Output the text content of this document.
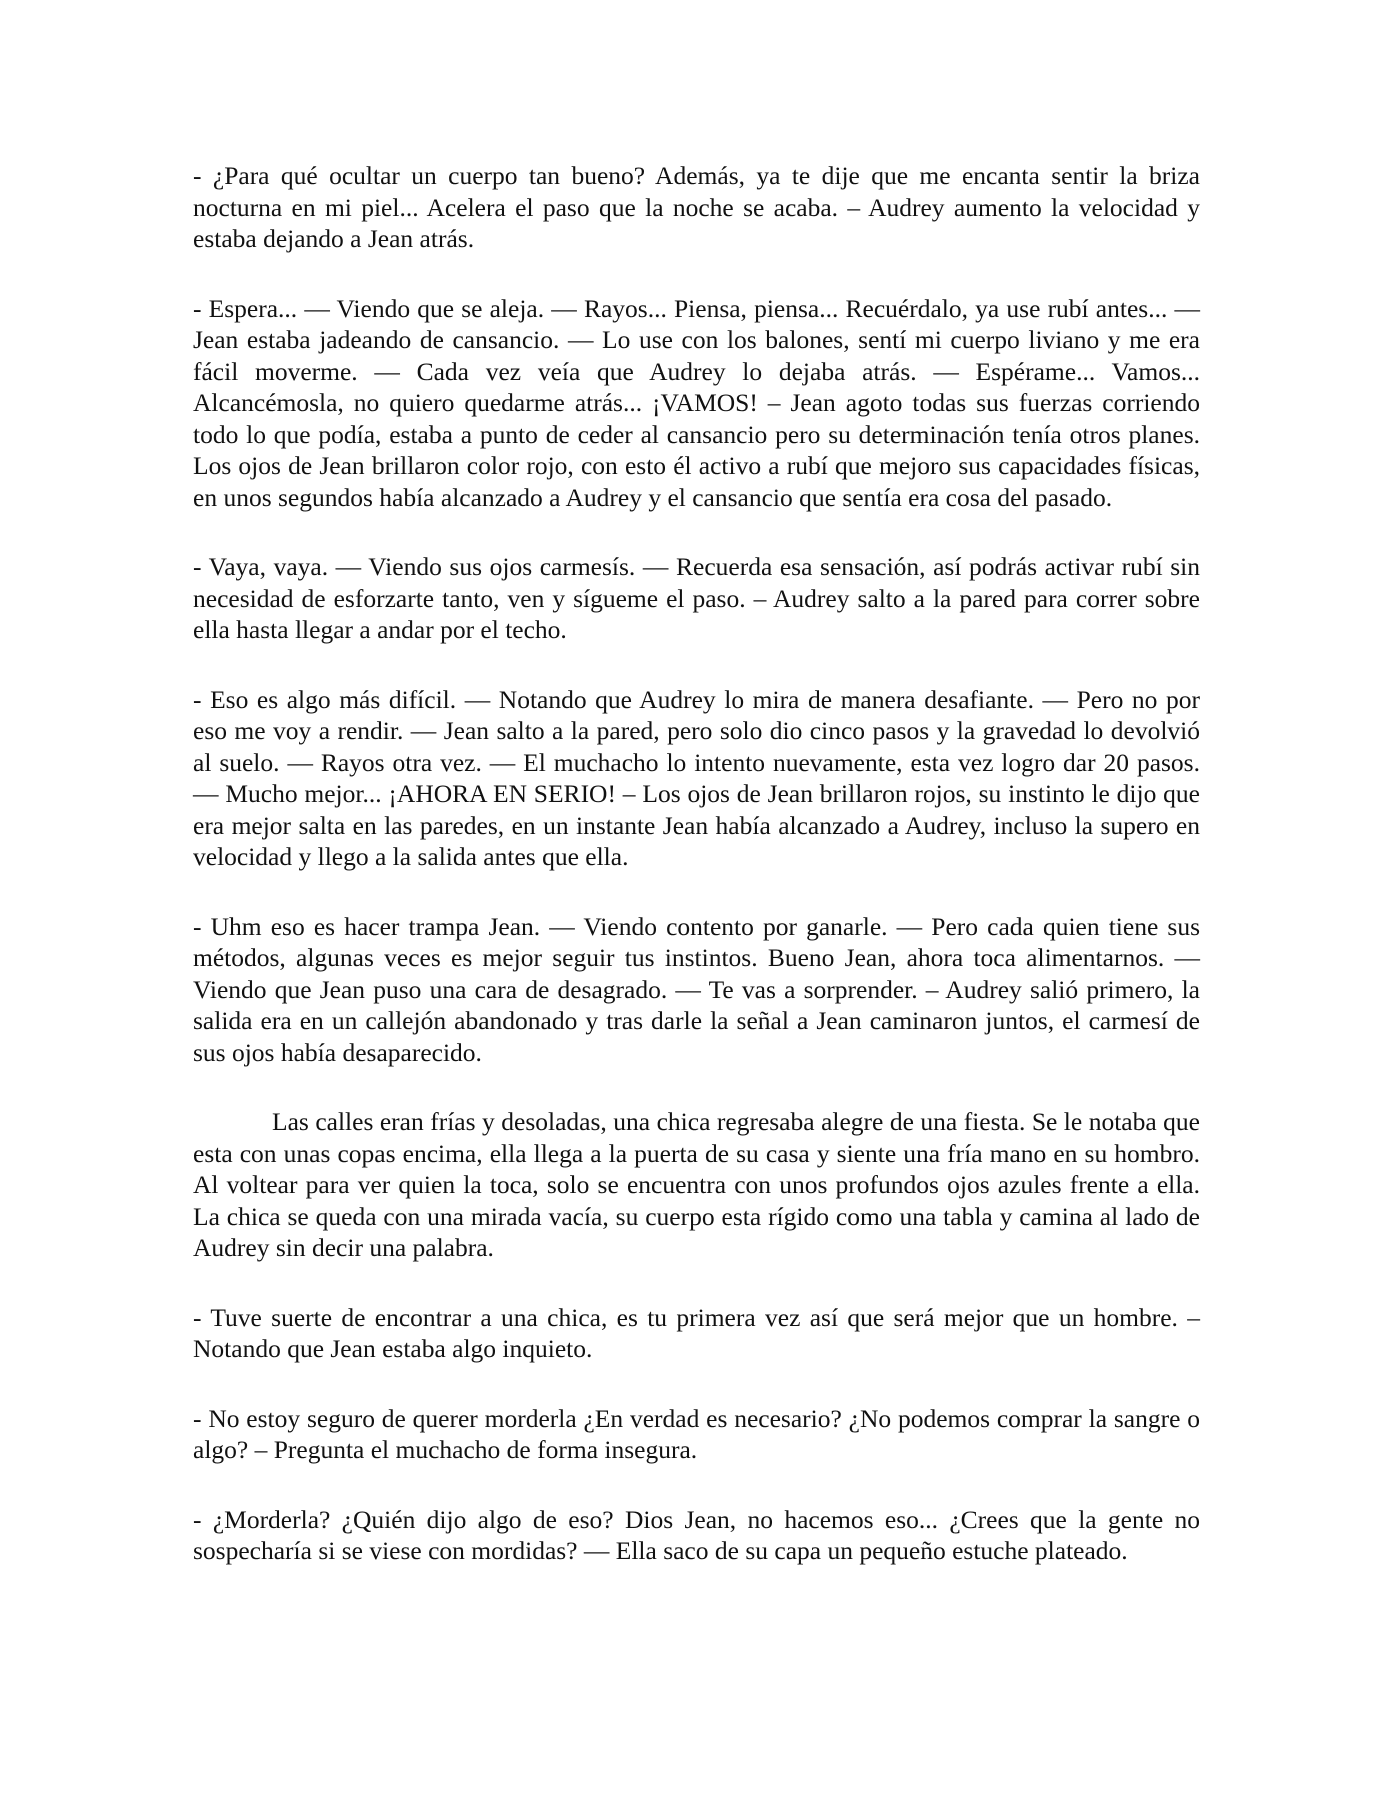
- ¿Para qué ocultar un cuerpo tan bueno? Además, ya te dije que me encanta sentir la briza nocturna en mi piel... Acelera el paso que la noche se acaba. – Audrey aumento la velocidad y estaba dejando a Jean atrás.

- Espera... — Viendo que se aleja. — Rayos... Piensa, piensa... Recuérdalo, ya use rubí antes... — Jean estaba jadeando de cansancio. — Lo use con los balones, sentí mi cuerpo liviano y me era fácil moverme. — Cada vez veía que Audrey lo dejaba atrás. — Espérame... Vamos... Alcancémosla, no quiero quedarme atrás... ¡VAMOS! – Jean agoto todas sus fuerzas corriendo todo lo que podía, estaba a punto de ceder al cansancio pero su determinación tenía otros planes. Los ojos de Jean brillaron color rojo, con esto él activo a rubí que mejoro sus capacidades físicas, en unos segundos había alcanzado a Audrey y el cansancio que sentía era cosa del pasado.

- Vaya, vaya. — Viendo sus ojos carmesís. — Recuerda esa sensación, así podrás activar rubí sin necesidad de esforzarte tanto, ven y sígueme el paso. – Audrey salto a la pared para correr sobre ella hasta llegar a andar por el techo.

- Eso es algo más difícil. — Notando que Audrey lo mira de manera desafiante. — Pero no por eso me voy a rendir. — Jean salto a la pared, pero solo dio cinco pasos y la gravedad lo devolvió al suelo. — Rayos otra vez. — El muchacho lo intento nuevamente, esta vez logro dar 20 pasos. — Mucho mejor... ¡AHORA EN SERIO! – Los ojos de Jean brillaron rojos, su instinto le dijo que era mejor salta en las paredes, en un instante Jean había alcanzado a Audrey, incluso la supero en velocidad y llego a la salida antes que ella.

- Uhm eso es hacer trampa Jean. — Viendo contento por ganarle. — Pero cada quien tiene sus métodos, algunas veces es mejor seguir tus instintos. Bueno Jean, ahora toca alimentarnos. — Viendo que Jean puso una cara de desagrado. — Te vas a sorprender. – Audrey salió primero, la salida era en un callejón abandonado y tras darle la señal a Jean caminaron juntos, el carmesí de sus ojos había desaparecido.

Las calles eran frías y desoladas, una chica regresaba alegre de una fiesta. Se le notaba que esta con unas copas encima, ella llega a la puerta de su casa y siente una fría mano en su hombro. Al voltear para ver quien la toca, solo se encuentra con unos profundos ojos azules frente a ella. La chica se queda con una mirada vacía, su cuerpo esta rígido como una tabla y camina al lado de Audrey sin decir una palabra.

- Tuve suerte de encontrar a una chica, es tu primera vez así que será mejor que un hombre. – Notando que Jean estaba algo inquieto.

- No estoy seguro de querer morderla ¿En verdad es necesario? ¿No podemos comprar la sangre o algo? – Pregunta el muchacho de forma insegura.

- ¿Morderla? ¿Quién dijo algo de eso? Dios Jean, no hacemos eso... ¿Crees que la gente no sospecharía si se viese con mordidas? — Ella saco de su capa un pequeño estuche plateado.
